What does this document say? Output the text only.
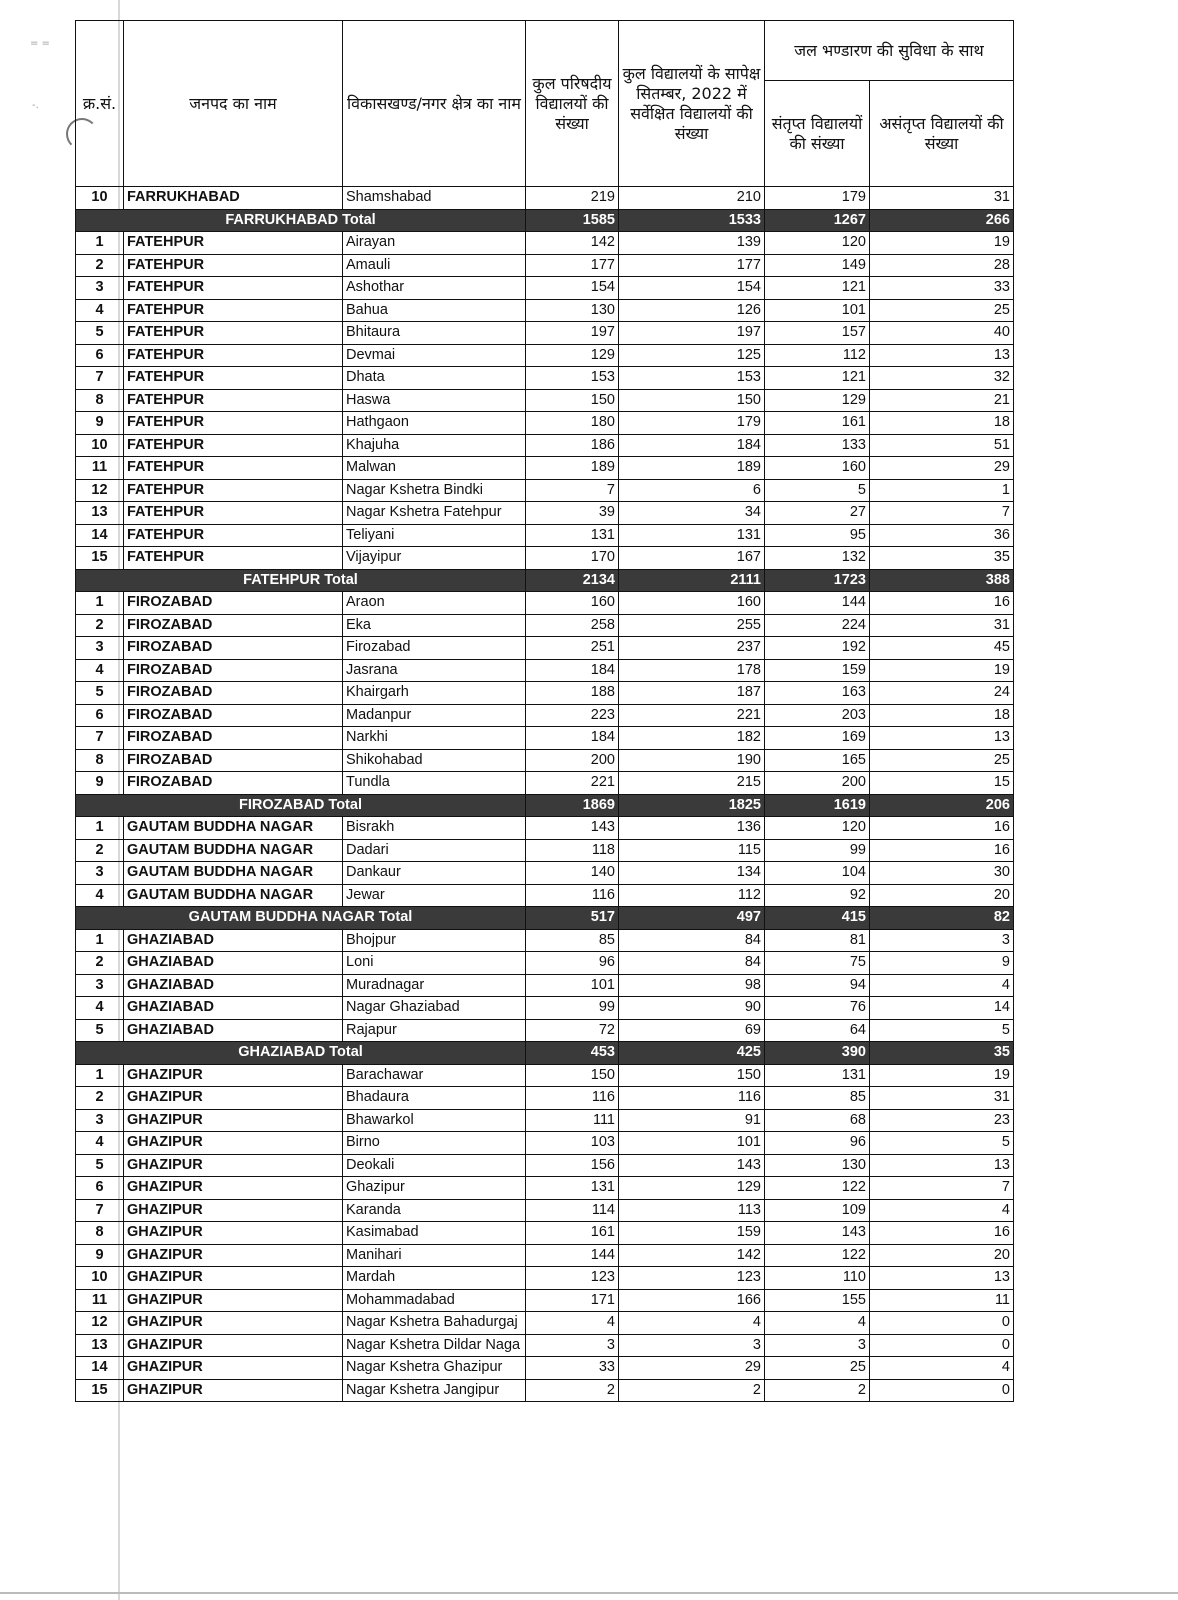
= =
-.	क्र.सं.	जनपद का नाम	विकासखण्ड/नगर क्षेत्र का नाम	कुल परिषदीय विद्यालयों की संख्या	कुल विद्यालयों के सापेक्ष सितम्बर, 2022 में सर्वेक्षित विद्यालयों की संख्या	जल भण्डारण की सुविधा के साथ	
					संतृप्त विद्यालयों की संख्या	असंतृप्त विद्यालयों की संख्या
10	FARRUKHABAD	Shamshabad	219	210	179	31
FARRUKHABAD Total			1585	1533	1267	266
1	FATEHPUR	Airayan	142	139	120	19
2	FATEHPUR	Amauli	177	177	149	28
3	FATEHPUR	Ashothar	154	154	121	33
4	FATEHPUR	Bahua	130	126	101	25
5	FATEHPUR	Bhitaura	197	197	157	40
6	FATEHPUR	Devmai	129	125	112	13
7	FATEHPUR	Dhata	153	153	121	32
8	FATEHPUR	Haswa	150	150	129	21
9	FATEHPUR	Hathgaon	180	179	161	18
10	FATEHPUR	Khajuha	186	184	133	51
11	FATEHPUR	Malwan	189	189	160	29
12	FATEHPUR	Nagar Kshetra Bindki	7	6	5	1
13	FATEHPUR	Nagar Kshetra Fatehpur	39	34	27	7
14	FATEHPUR	Teliyani	131	131	95	36
15	FATEHPUR	Vijayipur	170	167	132	35
FATEHPUR Total			2134	2111	1723	388
1	FIROZABAD	Araon	160	160	144	16
2	FIROZABAD	Eka	258	255	224	31
3	FIROZABAD	Firozabad	251	237	192	45
4	FIROZABAD	Jasrana	184	178	159	19
5	FIROZABAD	Khairgarh	188	187	163	24
6	FIROZABAD	Madanpur	223	221	203	18
7	FIROZABAD	Narkhi	184	182	169	13
8	FIROZABAD	Shikohabad	200	190	165	25
9	FIROZABAD	Tundla	221	215	200	15
FIROZABAD Total			1869	1825	1619	206
1	GAUTAM BUDDHA NAGAR	Bisrakh	143	136	120	16
2	GAUTAM BUDDHA NAGAR	Dadari	118	115	99	16
3	GAUTAM BUDDHA NAGAR	Dankaur	140	134	104	30
4	GAUTAM BUDDHA NAGAR	Jewar	116	112	92	20
GAUTAM BUDDHA NAGAR Total			517	497	415	82
1	GHAZIABAD	Bhojpur	85	84	81	3
2	GHAZIABAD	Loni	96	84	75	9
3	GHAZIABAD	Muradnagar	101	98	94	4
4	GHAZIABAD	Nagar Ghaziabad	99	90	76	14
5	GHAZIABAD	Rajapur	72	69	64	5
GHAZIABAD Total			453	425	390	35
1	GHAZIPUR	Barachawar	150	150	131	19
2	GHAZIPUR	Bhadaura	116	116	85	31
3	GHAZIPUR	Bhawarkol	111	91	68	23
4	GHAZIPUR	Birno	103	101	96	5
5	GHAZIPUR	Deokali	156	143	130	13
6	GHAZIPUR	Ghazipur	131	129	122	7
7	GHAZIPUR	Karanda	114	113	109	4
8	GHAZIPUR	Kasimabad	161	159	143	16
9	GHAZIPUR	Manihari	144	142	122	20
10	GHAZIPUR	Mardah	123	123	110	13
11	GHAZIPUR	Mohammadabad	171	166	155	11
12	GHAZIPUR	Nagar Kshetra Bahadurgaj	4	4	4	0
13	GHAZIPUR	Nagar Kshetra Dildar Naga	3	3	3	0
14	GHAZIPUR	Nagar Kshetra Ghazipur	33	29	25	4
15	GHAZIPUR	Nagar Kshetra Jangipur	2	2	2	0
